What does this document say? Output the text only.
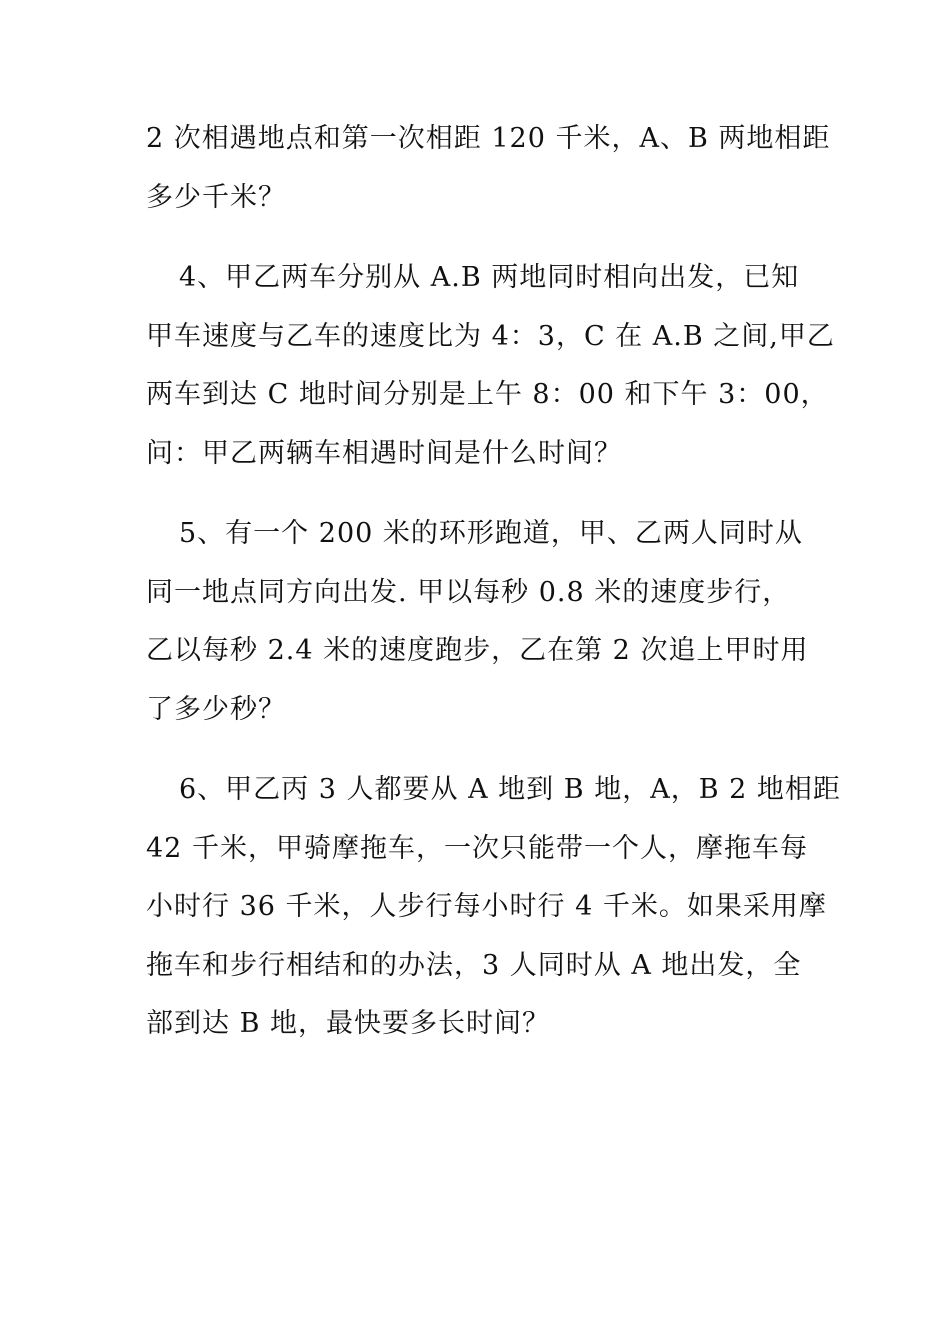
2 次相遇地点和第一次相距 120 千米，A、B 两地相距
多少千米？
4、甲乙两车分别从 A.B 两地同时相向出发，已知
甲车速度与乙车的速度比为 4：3，C 在 A.B 之间,甲乙
两车到达 C 地时间分别是上午 8：00 和下午 3：00，
问：甲乙两辆车相遇时间是什么时间？
5、有一个 200 米的环形跑道，甲、乙两人同时从
同一地点同方向出发. 甲以每秒 0.8 米的速度步行，
乙以每秒 2.4 米的速度跑步，乙在第 2 次追上甲时用
了多少秒？
6、甲乙丙 3 人都要从 A 地到 B 地，A，B 2 地相距
42 千米，甲骑摩拖车，一次只能带一个人，摩拖车每
小时行 36 千米，人步行每小时行 4 千米。如果采用摩
拖车和步行相结和的办法，3 人同时从 A 地出发，全
部到达 B 地，最快要多长时间？
